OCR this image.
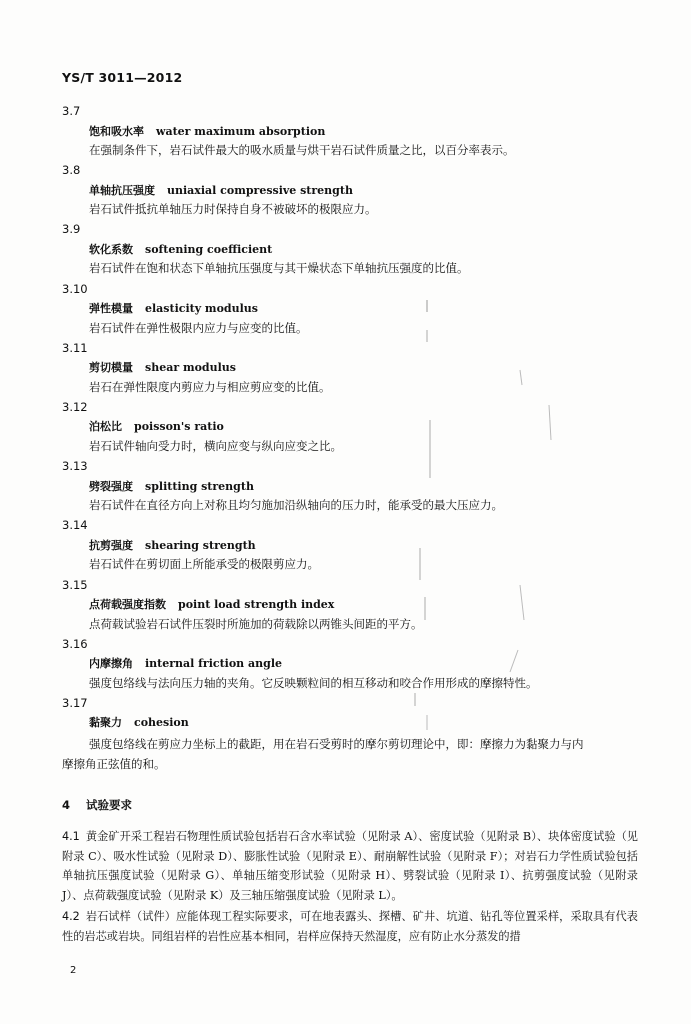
YS/T 3011—2012
3.7
饱和吸水率 water maximum absorption
在强制条件下，岩石试件最大的吸水质量与烘干岩石试件质量之比，以百分率表示。
3.8
单轴抗压强度 uniaxial compressive strength
岩石试件抵抗单轴压力时保持自身不被破坏的极限应力。
3.9
软化系数 softening coefficient
岩石试件在饱和状态下单轴抗压强度与其干燥状态下单轴抗压强度的比值。
3.10
弹性模量 elasticity modulus
岩石试件在弹性极限内应力与应变的比值。
3.11
剪切模量 shear modulus
岩石在弹性限度内剪应力与相应剪应变的比值。
3.12
泊松比 poisson's ratio
岩石试件轴向受力时，横向应变与纵向应变之比。
3.13
劈裂强度 splitting strength
岩石试件在直径方向上对称且均匀施加沿纵轴向的压力时，能承受的最大压应力。
3.14
抗剪强度 shearing strength
岩石试件在剪切面上所能承受的极限剪应力。
3.15
点荷载强度指数 point load strength index
点荷载试验岩石试件压裂时所施加的荷载除以两锥头间距的平方。
3.16
内摩擦角 internal friction angle
强度包络线与法向压力轴的夹角。它反映颗粒间的相互移动和咬合作用形成的摩擦特性。
3.17
黏聚力 cohesion
强度包络线在剪应力坐标上的截距，用在岩石受剪时的摩尔剪切理论中，即：摩擦力为黏聚力与内
摩擦角正弦值的和。
4 试验要求
4.1 黄金矿开采工程岩石物理性质试验包括岩石含水率试验（见附录 A）、密度试验（见附录 B）、块体密度试验（见附录 C）、吸水性试验（见附录 D）、膨胀性试验（见附录 E）、耐崩解性试验（见附录 F）；对岩石力学性质试验包括单轴抗压强度试验（见附录 G）、单轴压缩变形试验（见附录 H）、劈裂试验（见附录 I）、抗剪强度试验（见附录 J）、点荷载强度试验（见附录 K）及三轴压缩强度试验（见附录 L）。
4.2 岩石试样（试件）应能体现工程实际要求，可在地表露头、探槽、矿井、坑道、钻孔等位置采样，采取具有代表性的岩芯或岩块。同组岩样的岩性应基本相同，岩样应保持天然湿度，应有防止水分蒸发的措
2
